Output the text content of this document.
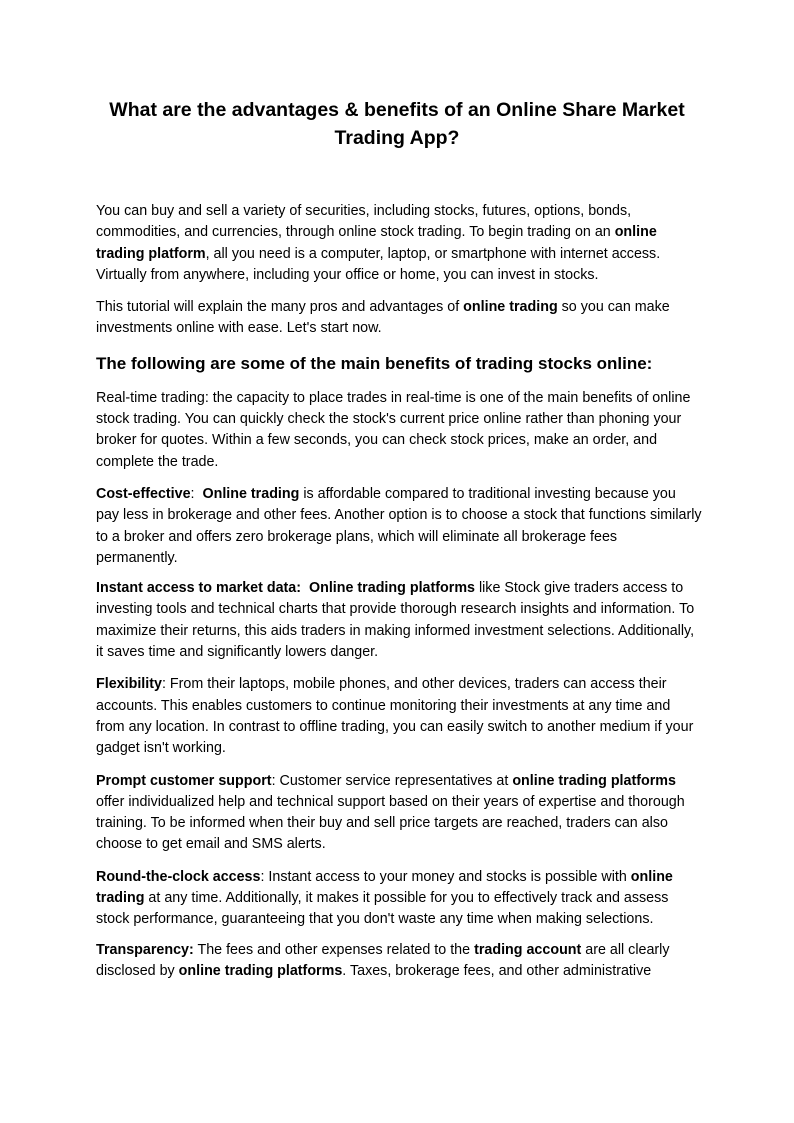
What are the advantages & benefits of an Online Share Market Trading App?

You can buy and sell a variety of securities, including stocks, futures, options, bonds, commodities, and currencies, through online stock trading. To begin trading on an online trading platform, all you need is a computer, laptop, or smartphone with internet access. Virtually from anywhere, including your office or home, you can invest in stocks.

This tutorial will explain the many pros and advantages of online trading so you can make investments online with ease. Let's start now.

The following are some of the main benefits of trading stocks online:

Real-time trading: the capacity to place trades in real-time is one of the main benefits of online stock trading. You can quickly check the stock's current price online rather than phoning your broker for quotes. Within a few seconds, you can check stock prices, make an order, and complete the trade.

Cost-effective:  Online trading is affordable compared to traditional investing because you pay less in brokerage and other fees. Another option is to choose a stock that functions similarly to a broker and offers zero brokerage plans, which will eliminate all brokerage fees permanently.

Instant access to market data: Online trading platforms like Stock give traders access to investing tools and technical charts that provide thorough research insights and information. To maximize their returns, this aids traders in making informed investment selections. Additionally, it saves time and significantly lowers danger.

Flexibility: From their laptops, mobile phones, and other devices, traders can access their accounts. This enables customers to continue monitoring their investments at any time and from any location. In contrast to offline trading, you can easily switch to another medium if your gadget isn't working.

Prompt customer support: Customer service representatives at online trading platforms offer individualized help and technical support based on their years of expertise and thorough training. To be informed when their buy and sell price targets are reached, traders can also choose to get email and SMS alerts.

Round-the-clock access: Instant access to your money and stocks is possible with online trading at any time. Additionally, it makes it possible for you to effectively track and assess stock performance, guaranteeing that you don't waste any time when making selections.

Transparency: The fees and other expenses related to the trading account are all clearly disclosed by online trading platforms. Taxes, brokerage fees, and other administrative
